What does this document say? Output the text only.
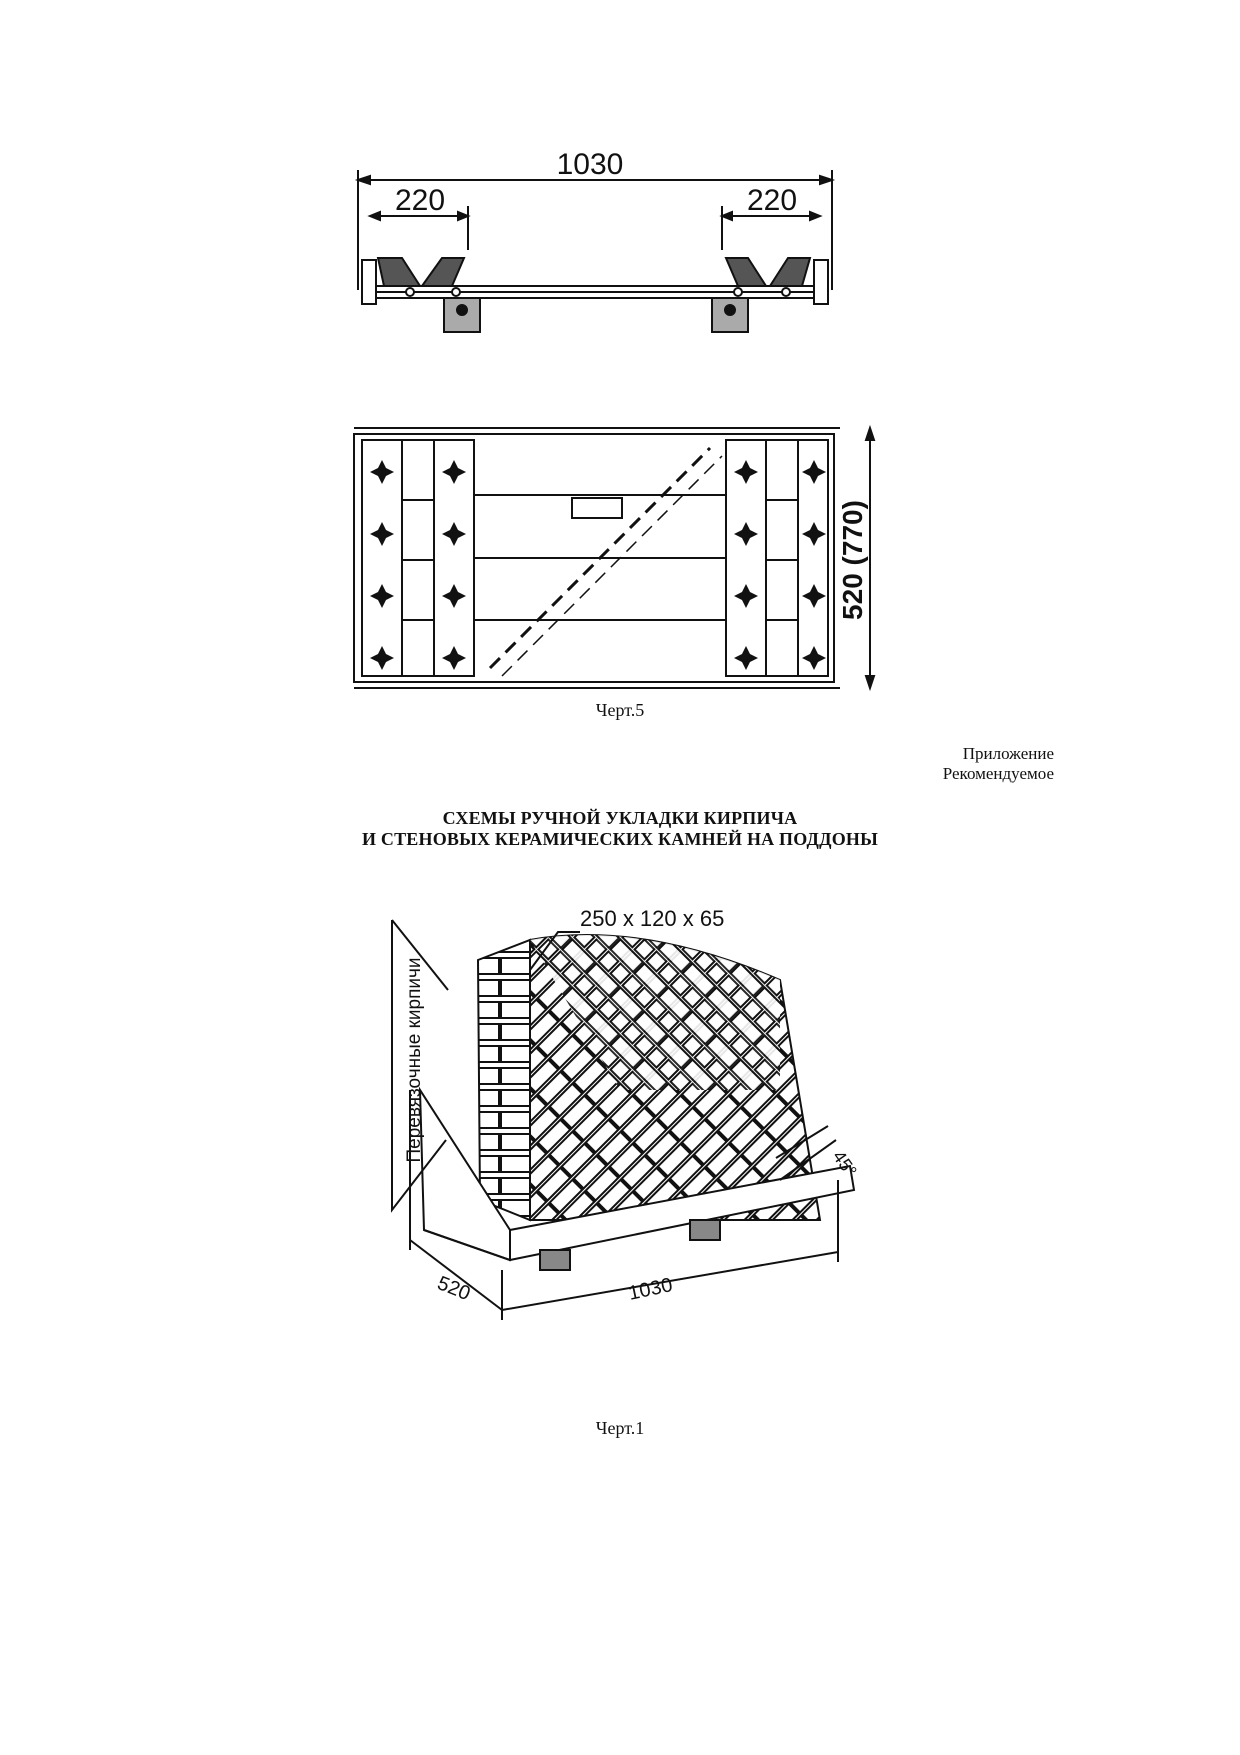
1030
220	220
520 (770)
Черт.5
Приложение
Рекомендуемое
СХЕМЫ РУЧНОЙ УКЛАДКИ КИРПИЧА
И СТЕНОВЫХ КЕРАМИЧЕСКИХ КАМНЕЙ НА ПОДДОНЫ
250 x 120 x 65
Перевязочные кирпичи
45°
520	1030
Черт.1
